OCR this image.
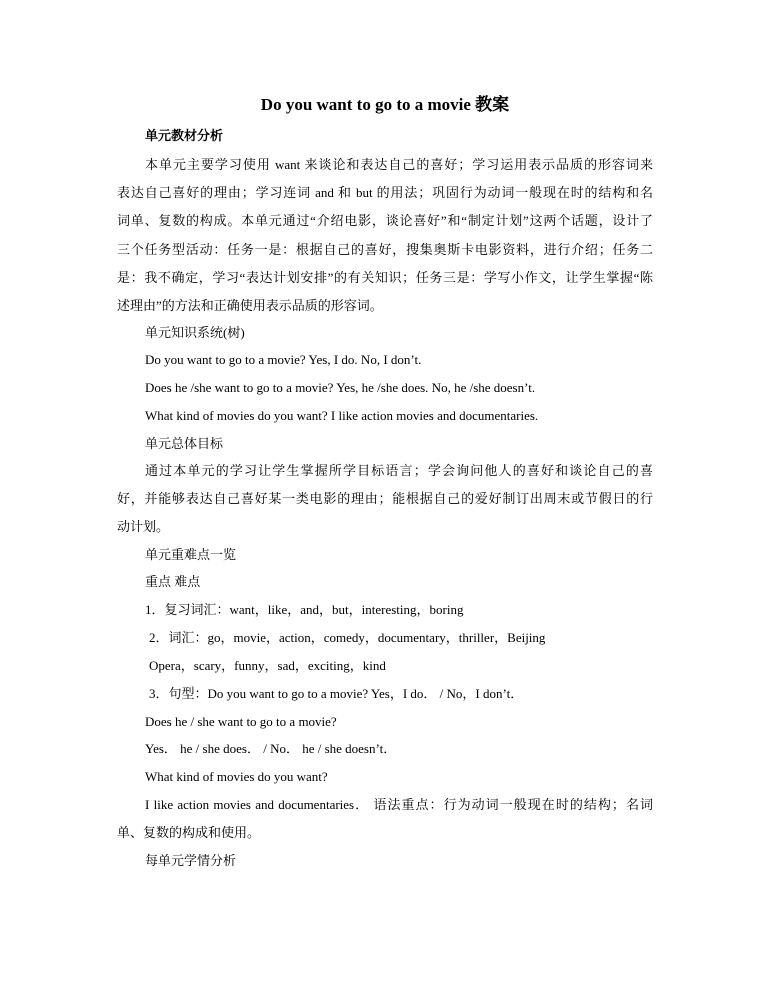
Do you want to go to a movie 教案
单元教材分析
本单元主要学习使用 want 来谈论和表达自己的喜好；学习运用表示品质的形容词来
表达自己喜好的理由；学习连词 and 和 but 的用法；巩固行为动词一般现在时的结构和名
词单、复数的构成。本单元通过“介绍电影，谈论喜好”和“制定计划”这两个话题，设计了
三个任务型活动：任务一是：根据自己的喜好，搜集奥斯卡电影资料，进行介绍；任务二
是：我不确定，学习“表达计划安排”的有关知识；任务三是：学写小作文，让学生掌握“陈
述理由”的方法和正确使用表示品质的形容词。
单元知识系统(树)
Do you want to go to a movie? Yes, I do. No, I don’t.
Does he /she want to go to a movie? Yes, he /she does. No, he /she doesn’t.
What kind of movies do you want? I like action movies and documentaries.
单元总体目标
通过本单元的学习让学生掌握所学目标语言；学会询问他人的喜好和谈论自己的喜
好，并能够表达自己喜好某一类电影的理由；能根据自己的爱好制订出周末或节假日的行
动计划。
单元重难点一览
重点 难点
1．复习词汇：want，like，and，but，interesting，boring
2．词汇：go，movie，action，comedy，documentary，thriller，Beijing
Opera，scary，funny，sad，exciting，kind
3．句型：Do you want to go to a movie? Yes，I do． / No，I don’t．
Does he / she want to go to a movie?
Yes． he / she does． / No． he / she doesn’t．
What kind of movies do you want?
I like action movies and documentaries． 语法重点：行为动词一般现在时的结构；名词
单、复数的构成和使用。
每单元学情分析
